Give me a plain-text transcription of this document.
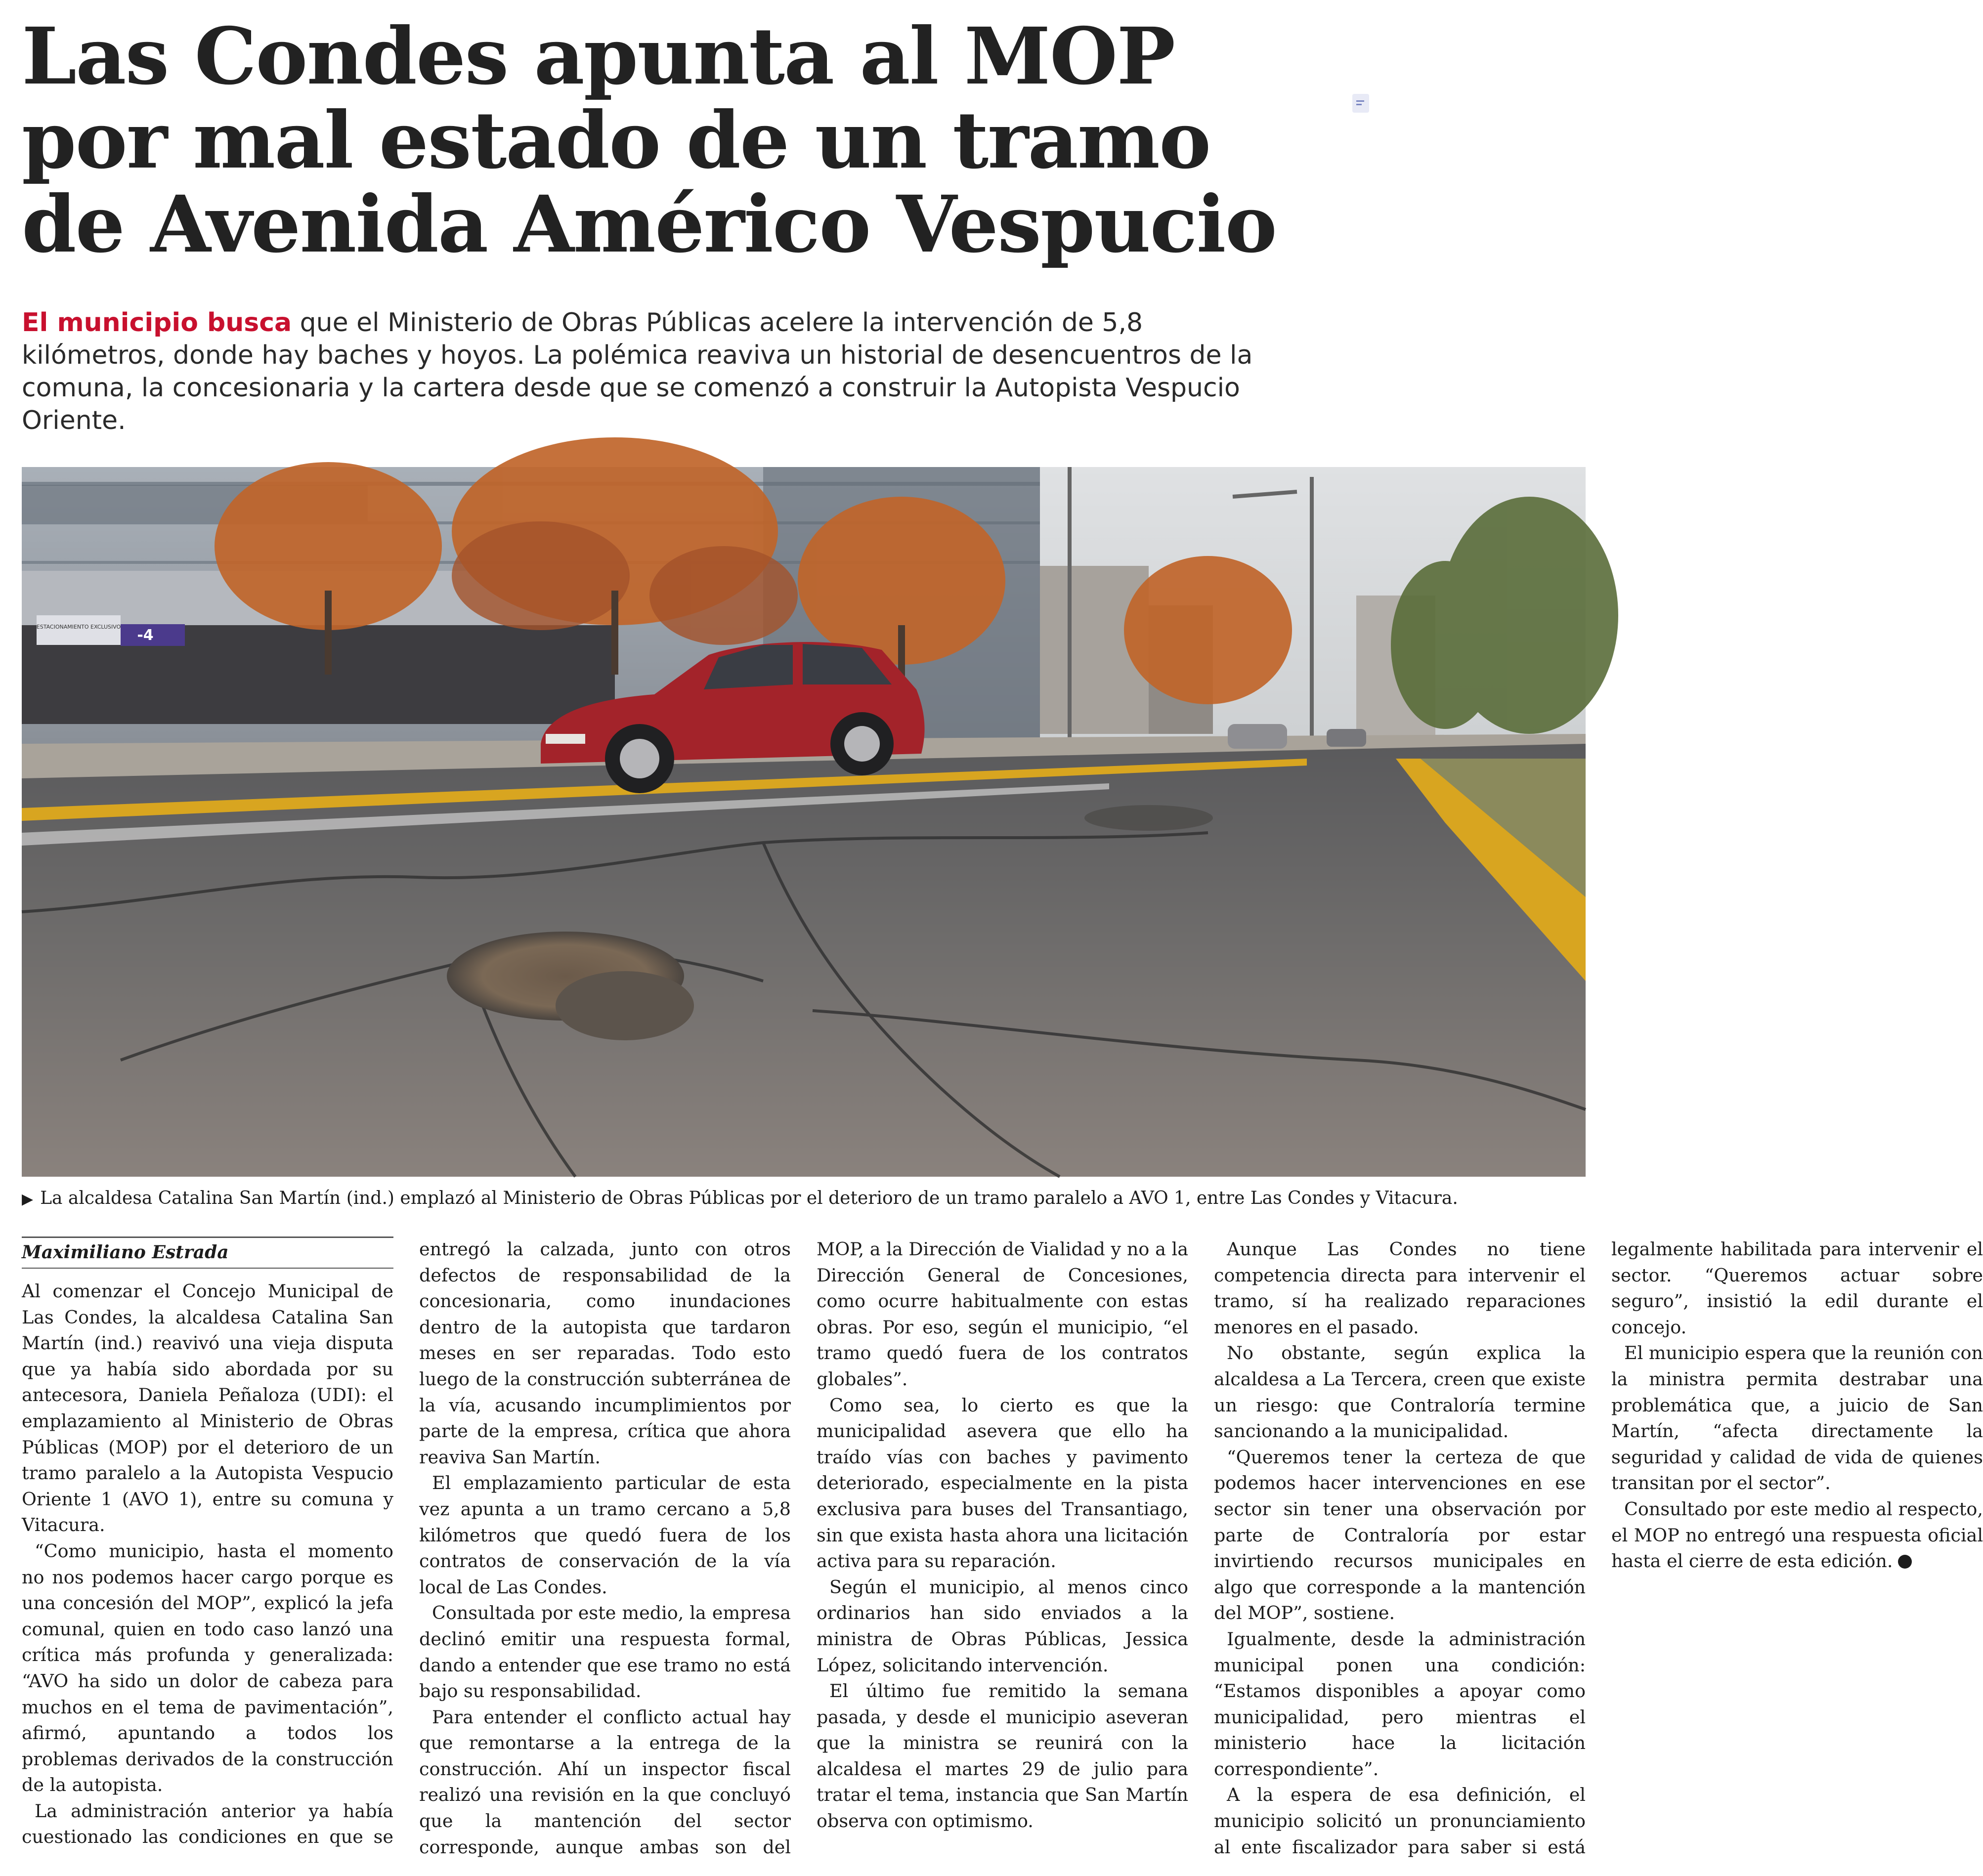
Las Condes apunta al MOP
por mal estado de un tramo
de Avenida Américo Vespucio

El municipio busca que el Ministerio de Obras Públicas acelere la intervención de 5,8 kilómetros, donde hay baches y hoyos. La polémica reaviva un historial de desencuentros de la comuna, la concesionaria y la cartera desde que se comenzó a construir la Autopista Vespucio Oriente.

ESTACIONAMIENTO EXCLUSIVO -4

▶ La alcaldesa Catalina San Martín (ind.) emplazó al Ministerio de Obras Públicas por el deterioro de un tramo paralelo a AVO 1, entre Las Condes y Vitacura.

Maximiliano Estrada

Al comenzar el Concejo Municipal de Las Condes, la alcaldesa Catalina San Martín (ind.) reavivó una vieja disputa que ya había sido abordada por su antecesora, Daniela Peñaloza (UDI): el emplazamiento al Ministerio de Obras Públicas (MOP) por el deterioro de un tramo paralelo a la Autopista Vespucio Oriente 1 (AVO 1), entre su comuna y Vitacura.

“Como municipio, hasta el momento no nos podemos hacer cargo porque es una concesión del MOP”, explicó la jefa comunal, quien en todo caso lanzó una crítica más profunda y generalizada: “AVO ha sido un dolor de cabeza para muchos en el tema de pavimentación”, afirmó, apuntando a todos los problemas derivados de la construcción de la autopista.

La administración anterior ya había cuestionado las condiciones en que se entregó la calzada, junto con otros defectos de responsabilidad de la concesionaria, como inundaciones dentro de la autopista que tardaron meses en ser reparadas. Todo esto luego de la construcción subterránea de la vía, acusando incumplimientos por parte de la empresa, crítica que ahora reaviva San Martín.

El emplazamiento particular de esta vez apunta a un tramo cercano a 5,8 kilómetros que quedó fuera de los contratos de conservación de la vía local de Las Condes.

Consultada por este medio, la empresa declinó emitir una respuesta formal, dando a entender que ese tramo no está bajo su responsabilidad.

Para entender el conflicto actual hay que remontarse a la entrega de la construcción. Ahí un inspector fiscal realizó una revisión en la que concluyó que la mantención del sector corresponde, aunque ambas son del MOP, a la Dirección de Vialidad y no a la Dirección General de Concesiones, como ocurre habitualmente con estas obras. Por eso, según el municipio, “el tramo quedó fuera de los contratos globales”.

Como sea, lo cierto es que la municipalidad asevera que ello ha traído vías con baches y pavimento deteriorado, especialmente en la pista exclusiva para buses del Transantiago, sin que exista hasta ahora una licitación activa para su reparación.

Según el municipio, al menos cinco ordinarios han sido enviados a la ministra de Obras Públicas, Jessica López, solicitando intervención.

El último fue remitido la semana pasada, y desde el municipio aseveran que la ministra se reunirá con la alcaldesa el martes 29 de julio para tratar el tema, instancia que San Martín observa con optimismo.

Aunque Las Condes no tiene competencia directa para intervenir el tramo, sí ha realizado reparaciones menores en el pasado.

No obstante, según explica la alcaldesa a La Tercera, creen que existe un riesgo: que Contraloría termine sancionando a la municipalidad.

“Queremos tener la certeza de que podemos hacer intervenciones en ese sector sin tener una observación por parte de Contraloría por estar invirtiendo recursos municipales en algo que corresponde a la mantención del MOP”, sostiene.

Igualmente, desde la administración municipal ponen una condición: “Estamos disponibles a apoyar como municipalidad, pero mientras el ministerio hace la licitación correspondiente”.

A la espera de esa definición, el municipio solicitó un pronunciamiento al ente fiscalizador para saber si está legalmente habilitada para intervenir el sector. “Queremos actuar sobre seguro”, insistió la edil durante el concejo.

El municipio espera que la reunión con la ministra permita destrabar una problemática que, a juicio de San Martín, “afecta directamente la seguridad y calidad de vida de quienes transitan por el sector”.

Consultado por este medio al respecto, el MOP no entregó una respuesta oficial hasta el cierre de esta edición.
